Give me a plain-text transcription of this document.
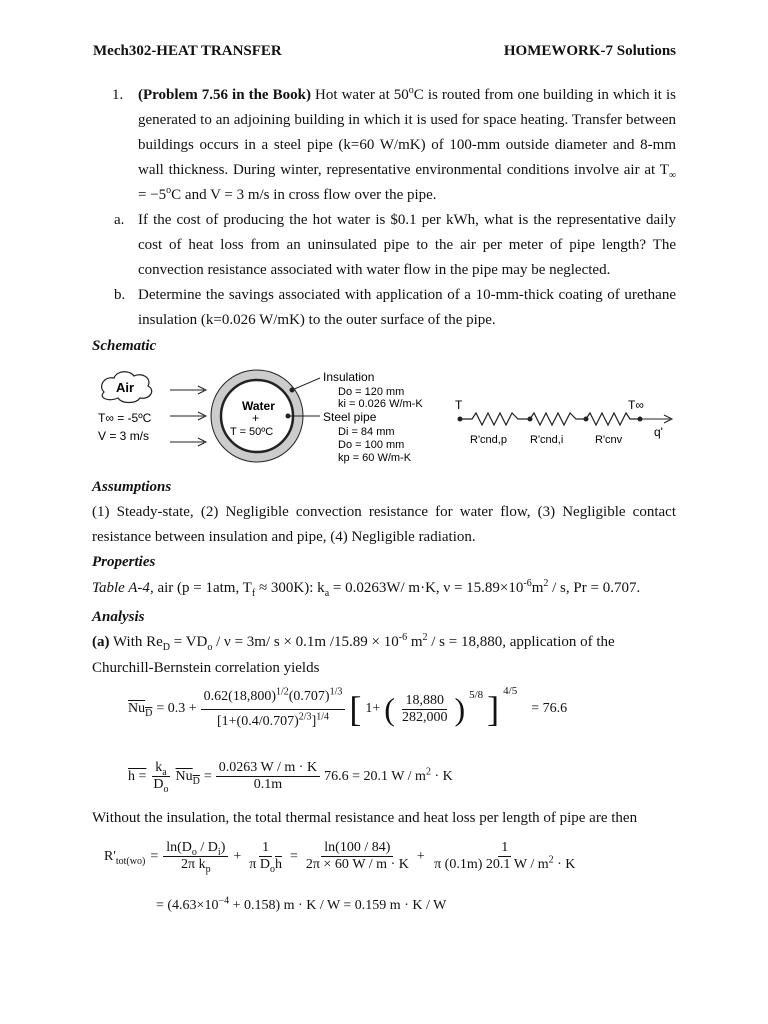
Mech302-HEAT TRANSFER	HOMEWORK-7 Solutions
1. (Problem 7.56 in the Book) Hot water at 50$^o$C is routed from one building in which it is generated to an adjoining building in which it is used for space heating. Transfer between buildings occurs in a steel pipe (k=60 W/mK) of 100-mm outside diameter and 8-mm wall thickness. During winter, representative environmental conditions involve air at $T_\infty = -5^oC$ and V = 3 m/s in cross flow over the pipe.
a. If the cost of producing the hot water is $0.1 per kWh, what is the representative daily cost of heat loss from an uninsulated pipe to the air per meter of pipe length? The convection resistance associated with water flow in the pipe may be neglected.
b. Determine the savings associated with application of a 10-mm-thick coating of urethane insulation (k=0.026 W/mK) to the outer surface of the pipe.
Schematic
Air
T∞ = -5ºC
V = 3 m/s
Water
+
T = 50ºC
Insulation
Do = 120 mm
ki = 0.026 W/m-K
Steel pipe
Di = 84 mm
Do = 100 mm
kp = 60 W/m-K
T	T∞
q'
R'cnd,p R'cnd,i	R'cnv
Assumptions
(1) Steady-state, (2) Negligible convection resistance for water flow, (3) Negligible contact resistance between insulation and pipe, (4) Negligible radiation.
Properties
Table A-4, air (p = 1atm, $T_f \approx 300K$): $k_a = 0.0263W/$ m·K, $\nu = 15.89\times 10^{-6}m^2 / s$, Pr = 0.707.
Analysis
(a) With $Re_D = VD_o / \nu = 3m/$ s × 0.1m $/15.89 \times 10^{-6}$ $m^2 / s = 18,880$, application of the
Churchill-Bernstein correlation yields
$Nu_D = 0.3 + \frac{0.62(18,800)^{1/2}(0.707)^{1/3}}{[1+(0.4/0.707)^{2/3}]^{1/4}}$ [ 1+ ( $\frac{18,880}{282,000}$ ) $^{5/8}$ ] $^{4/5}$
= 76.6
$h = \frac{k_a}{D_o} Nu_D = \frac{0.0263 W / m \cdot K}{0.1m} 76.6 = 20.1$ $W / m^2 \cdot K$
Without the insulation, the total thermal resistance and heat loss per length of pipe are then
$R'_{tot(wo)} = \frac{\ln(D_o / D_i)}{2\pi k_p} + \frac{1}{\pi D_o\overline{h}} = \frac{\ln(100 / 84)}{2\pi \times 60 W / m \cdot K} + \frac{1}{\pi (0.1m) 20.1 W / m^2 \cdot K}$
= $(4.63\times 10^{-4} + 0.158) m \cdot K / W = 0.159$ m · K / W
